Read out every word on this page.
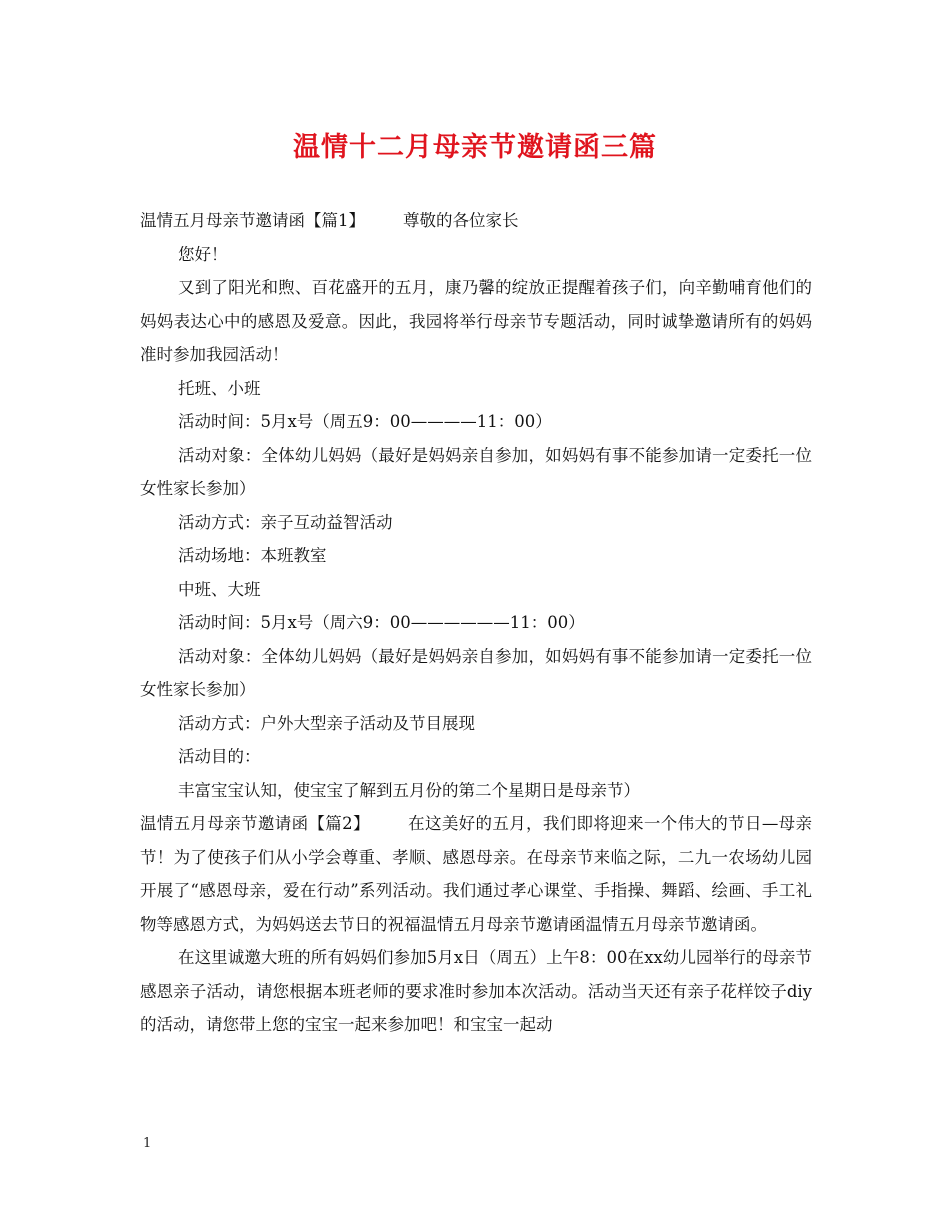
温情十二月母亲节邀请函三篇

温情五月母亲节邀请函【篇1】 尊敬的各位家长

您好！

又到了阳光和煦、百花盛开的五月，康乃馨的绽放正提醒着孩子们，向辛勤哺育他们的妈妈表达心中的感恩及爱意。因此，我园将举行母亲节专题活动，同时诚挚邀请所有的妈妈准时参加我园活动！

托班、小班

活动时间：5月x号（周五9：00————11：00）

活动对象：全体幼儿妈妈（最好是妈妈亲自参加，如妈妈有事不能参加请一定委托一位女性家长参加）

活动方式：亲子互动益智活动

活动场地：本班教室

中班、大班

活动时间：5月x号（周六9：00——————11：00）

活动对象：全体幼儿妈妈（最好是妈妈亲自参加，如妈妈有事不能参加请一定委托一位女性家长参加）

活动方式：户外大型亲子活动及节目展现

活动目的：

丰富宝宝认知，使宝宝了解到五月份的第二个星期日是母亲节）

温情五月母亲节邀请函【篇2】 在这美好的五月，我们即将迎来一个伟大的节日—母亲节！为了使孩子们从小学会尊重、孝顺、感恩母亲。在母亲节来临之际，二九一农场幼儿园开展了“感恩母亲，爱在行动”系列活动。我们通过孝心课堂、手指操、舞蹈、绘画、手工礼物等感恩方式，为妈妈送去节日的祝福温情五月母亲节邀请函温情五月母亲节邀请函。

在这里诚邀大班的所有妈妈们参加5月x日（周五）上午8：00在xx幼儿园举行的母亲节感恩亲子活动，请您根据本班老师的要求准时参加本次活动。活动当天还有亲子花样饺子diy的活动，请您带上您的宝宝一起来参加吧！和宝宝一起动

1
